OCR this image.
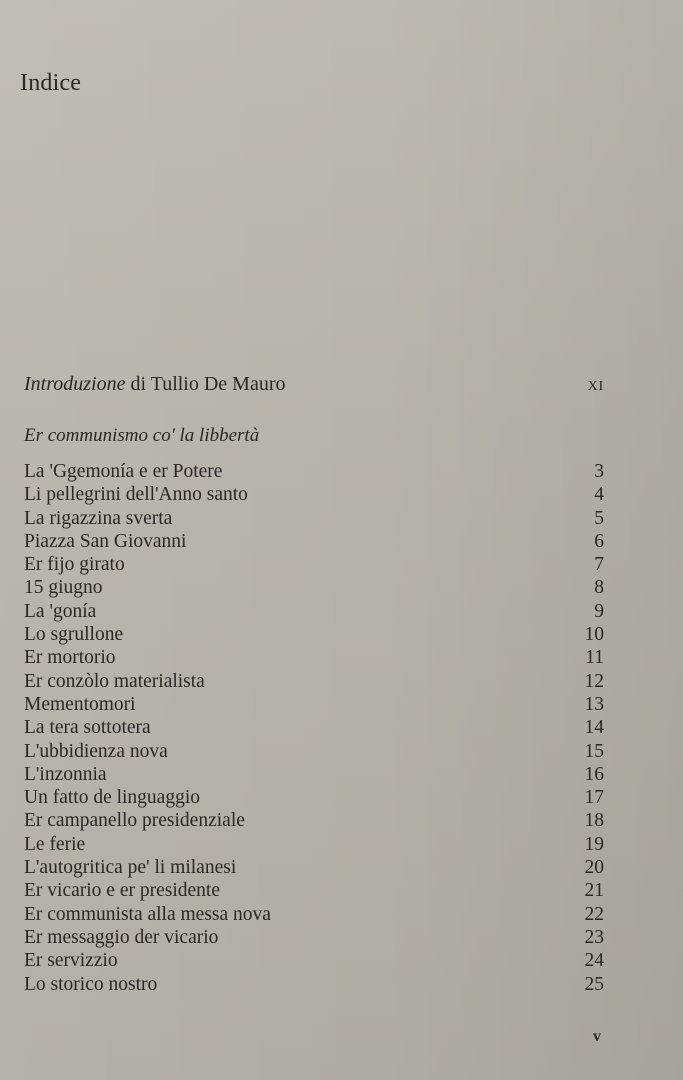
Indice
Introduzione di Tullio De Mauro	XI
Er communismo co' la libbertà
La 'Ggemonía e er Potere	3
Li pellegrini dell'Anno santo	4
La rigazzina sverta	5
Piazza San Giovanni	6
Er fijo girato	7
15 giugno	8
La 'gonía	9
Lo sgrullone	10
Er mortorio	11
Er conzòlo materialista	12
Mementomori	13
La tera sottotera	14
L'ubbidienza nova	15
L'inzonnia	16
Un fatto de linguaggio	17
Er campanello presidenziale	18
Le ferie	19
L'autogritica pe' li milanesi	20
Er vicario e er presidente	21
Er communista alla messa nova	22
Er messaggio der vicario	23
Er servizzio	24
Lo storico nostro	25
v
